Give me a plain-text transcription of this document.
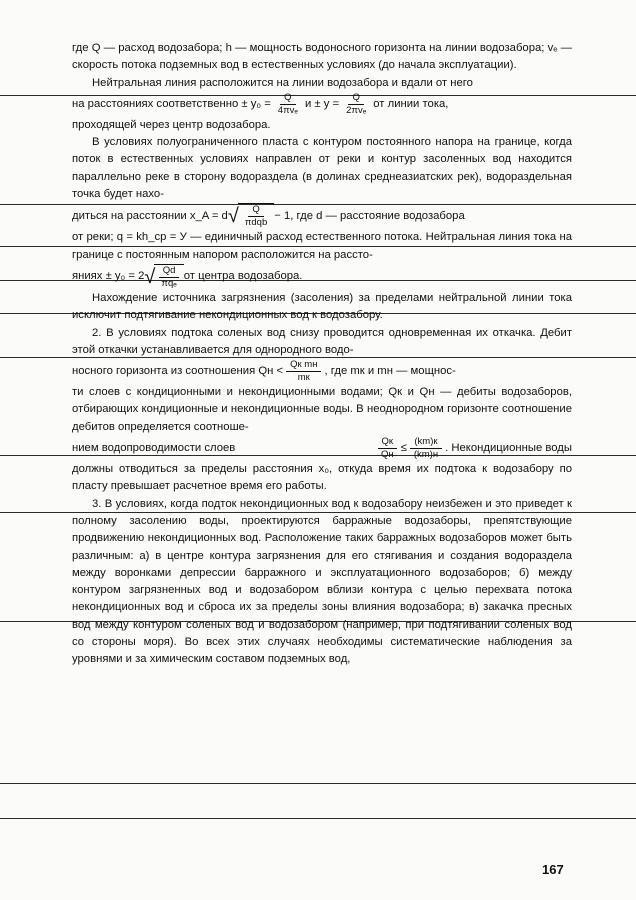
где Q — расход водозабора; h — мощность водоносного горизонта на линии водозабора; vₑ — скорость потока подземных вод в естественных условиях (до начала эксплуатации).

Нейтральная линия расположится на линии водозабора и вдали от него

на расстояниях соответственно ± $y_0 = \frac{Q}{\text{4πvₑ}}$ $и \pm y = \frac{Q}{\text{2πvₑ}}$ от линии тока,

проходящей через центр водозабора.

В условиях полуограниченного пласта с контуром постоянного напора на границе, когда поток в естественных условиях направлен от реки и контур засоленных вод находится параллельно реке в сторону водораздела (в долинах среднеазиатских рек), водораздельная точка будет нахо-

диться на расстоянии x_A = d √ $\frac{Q}{\text{πdqb}} - 1$, где d — расстояние водозабора

от реки; q = kh_cp = У — единичный расход естественного потока. Нейтральная линия тока на границе с постоянным напором расположится на рассто-

яниях ± y₀ = 2 √ $\frac{Qd}{\text{πqₑ}}$ от центра водозабора.

Нахождение источника загрязнения (засоления) за пределами нейтральной линии тока исключит подтягивание некондиционных вод к водозабору.

2. В условиях подтока соленых вод снизу проводится одновременная их откачка. Дебит этой откачки устанавливается для однородного водо-

носного горизонта из соотношения Qн < $\frac{\text{Qк mн}}{mк}$ , где mк и mн — мощнос-

ти слоев с кондиционными и некондиционными водами; Qк и Qн — дебиты водозаборов, отбирающих кондиционные и некондиционные воды. В неоднородном горизонте соотношение дебитов определяется соотноше-

нием водопроводимости слоев	$\frac{Qк}{Qн} \le \frac{(km)к}{(km)н}$ . Некондиционные воды

должны отводиться за пределы расстояния x₀, откуда время их подтока к водозабору по пласту превышает расчетное время его работы.

3. В условиях, когда подток некондиционных вод к водозабору неизбежен и это приведет к полному засолению воды, проектируются барражные водозаборы, препятствующие продвижению некондиционных вод. Расположение таких барражных водозаборов может быть различным: а) в центре контура загрязнения для его стягивания и создания водораздела между воронками депрессии барражного и эксплуатационного водозаборов; б) между контуром загрязненных вод и водозабором вблизи контура с целью перехвата потока некондиционных вод и сброса их за пределы зоны влияния водозабора; в) закачка пресных вод между контуром соленых вод и водозабором (например, при подтягивании соленых вод со стороны моря). Во всех этих случаях необходимы систематические наблюдения за уровнями и за химическим составом подземных вод,

167
